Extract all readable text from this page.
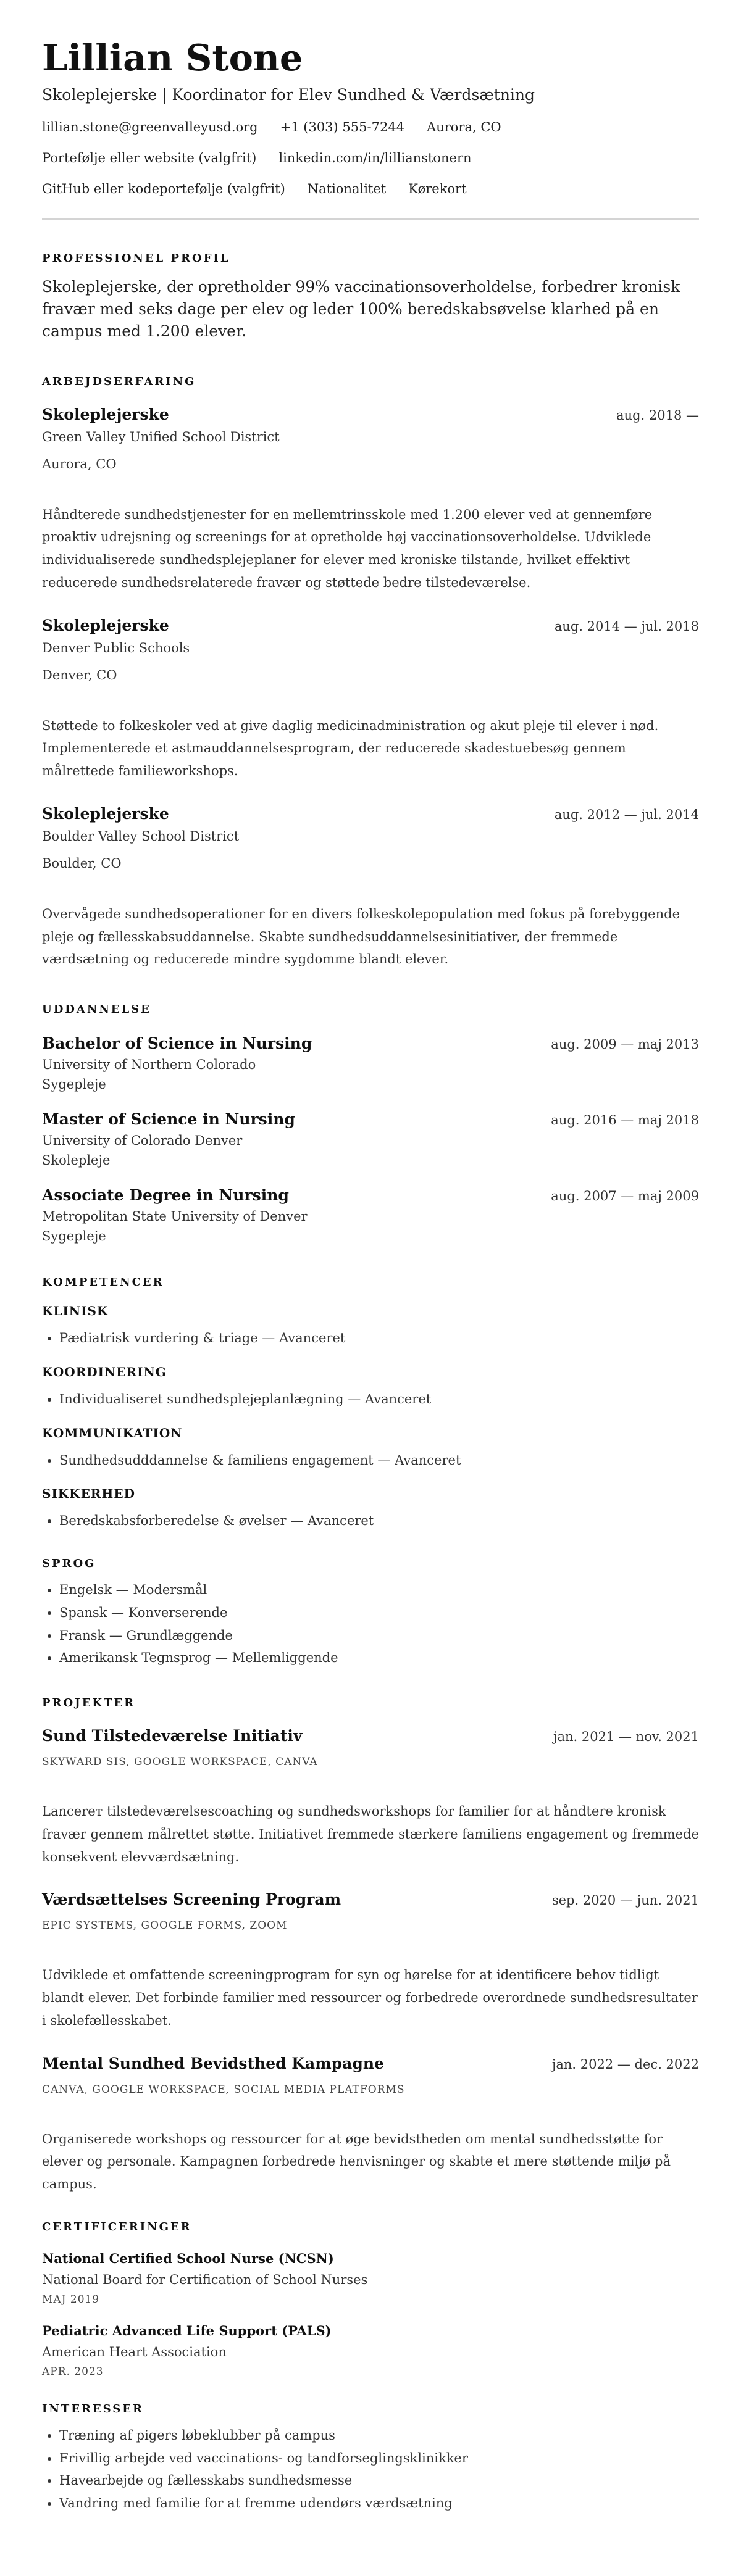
Lillian Stone
Skoleplejerske | Koordinator for Elev Sundhed & Værdsætning
lillian.stone@greenvalleyusd.org +1 (303) 555-7244 Aurora, CO
Portefølje eller website (valgfrit) linkedin.com/in/lillianstonern
GitHub eller kodeportefølje (valgfrit) Nationalitet Kørekort
PROFESSIONEL PROFIL
Skoleplejerske, der opretholder 99% vaccinationsoverholdelse, forbedrer kronisk fravær med seks dage per elev og leder 100% beredskabsøvelse klarhed på en campus med 1.200 elever.
ARBEJDSERFARING
Skoleplejerske	aug. 2018 —
Green Valley Unified School District
Aurora, CO
Håndterede sundhedstjenester for en mellemtrinsskole med 1.200 elever ved at gennemføre proaktiv udrejsning og screenings for at opretholde høj vaccinationsoverholdelse. Udviklede individualiserede sundhedsplejeplaner for elever med kroniske tilstande, hvilket effektivt reducerede sundhedsrelaterede fravær og støttede bedre tilstedeværelse.
Skoleplejerske	aug. 2014 — jul. 2018
Denver Public Schools
Denver, CO
Støttede to folkeskoler ved at give daglig medicinadministration og akut pleje til elever i nød. Implementerede et astmauddannelsesprogram, der reducerede skadestuebesøg gennem målrettede familieworkshops.
Skoleplejerske	aug. 2012 — jul. 2014
Boulder Valley School District
Boulder, CO
Overvågede sundhedsoperationer for en divers folkeskolepopulation med fokus på forebyggende pleje og fællesskabsuddannelse. Skabte sundhedsuddannelsesinitiativer, der fremmede værdsætning og reducerede mindre sygdomme blandt elever.
UDDANNELSE
Bachelor of Science in Nursing	aug. 2009 — maj 2013
University of Northern Colorado
Sygepleje
Master of Science in Nursing	aug. 2016 — maj 2018
University of Colorado Denver
Skolepleje
Associate Degree in Nursing	aug. 2007 — maj 2009
Metropolitan State University of Denver
Sygepleje
KOMPETENCER
KLINISK
• Pædiatrisk vurdering & triage — Avanceret
KOORDINERING
• Individualiseret sundhedsplejeplanlægning — Avanceret
KOMMUNIKATION
• Sundhedsudddannelse & familiens engagement — Avanceret
SIKKERHED
• Beredskabsforberedelse & øvelser — Avanceret
SPROG
• Engelsk — Modersmål
• Spansk — Konverserende
• Fransk — Grundlæggende
• Amerikansk Tegnsprog — Mellemliggende
PROJEKTER
Sund Tilstedeværelse Initiativ	jan. 2021 — nov. 2021
SKYWARD SIS, GOOGLE WORKSPACE, CANVA
Lancerет tilstedeværelsescoaching og sundhedsworkshops for familier for at håndtere kronisk fravær gennem målrettet støtte. Initiativet fremmede stærkere familiens engagement og fremmede konsekvent elevværdsætning.
Værdsættelses Screening Program	sep. 2020 — jun. 2021
EPIC SYSTEMS, GOOGLE FORMS, ZOOM
Udviklede et omfattende screeningprogram for syn og hørelse for at identificere behov tidligt blandt elever. Det forbinde familier med ressourcer og forbedrede overordnede sundhedsresultater i skolefællesskabet.
Mental Sundhed Bevidsthed Kampagne	jan. 2022 — dec. 2022
CANVA, GOOGLE WORKSPACE, SOCIAL MEDIA PLATFORMS
Organiserede workshops og ressourcer for at øge bevidstheden om mental sundhedsstøtte for elever og personale. Kampagnen forbedrede henvisninger og skabte et mere støttende miljø på campus.
CERTIFICERINGER
National Certified School Nurse (NCSN)
National Board for Certification of School Nurses
MAJ 2019
Pediatric Advanced Life Support (PALS)
American Heart Association
APR. 2023
INTERESSER
• Træning af pigers løbeklubber på campus
• Frivillig arbejde ved vaccinations- og tandforseglingsklinikker
• Havearbejde og fællesskabs sundhedsmesse
• Vandring med familie for at fremme udendørs værdsætning
